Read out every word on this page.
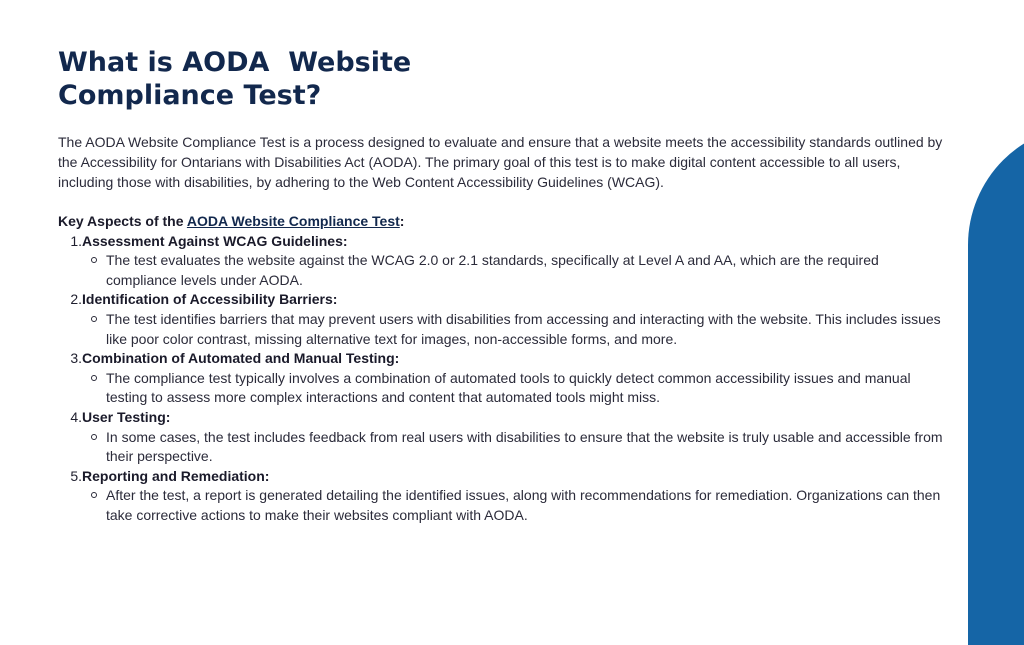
What is AODA  Website
Compliance Test?

The AODA Website Compliance Test is a process designed to evaluate and ensure that a website meets the accessibility standards outlined by the Accessibility for Ontarians with Disabilities Act (AODA). The primary goal of this test is to make digital content accessible to all users, including those with disabilities, by adhering to the Web Content Accessibility Guidelines (WCAG).

Key Aspects of the AODA Website Compliance Test:

1.Assessment Against WCAG Guidelines:
The test evaluates the website against the WCAG 2.0 or 2.1 standards, specifically at Level A and AA, which are the required compliance levels under AODA.
2.Identification of Accessibility Barriers:
The test identifies barriers that may prevent users with disabilities from accessing and interacting with the website. This includes issues like poor color contrast, missing alternative text for images, non-accessible forms, and more.
3.Combination of Automated and Manual Testing:
The compliance test typically involves a combination of automated tools to quickly detect common accessibility issues and manual testing to assess more complex interactions and content that automated tools might miss.
4.User Testing:
In some cases, the test includes feedback from real users with disabilities to ensure that the website is truly usable and accessible from their perspective.
5.Reporting and Remediation:
After the test, a report is generated detailing the identified issues, along with recommendations for remediation. Organizations can then take corrective actions to make their websites compliant with AODA.
